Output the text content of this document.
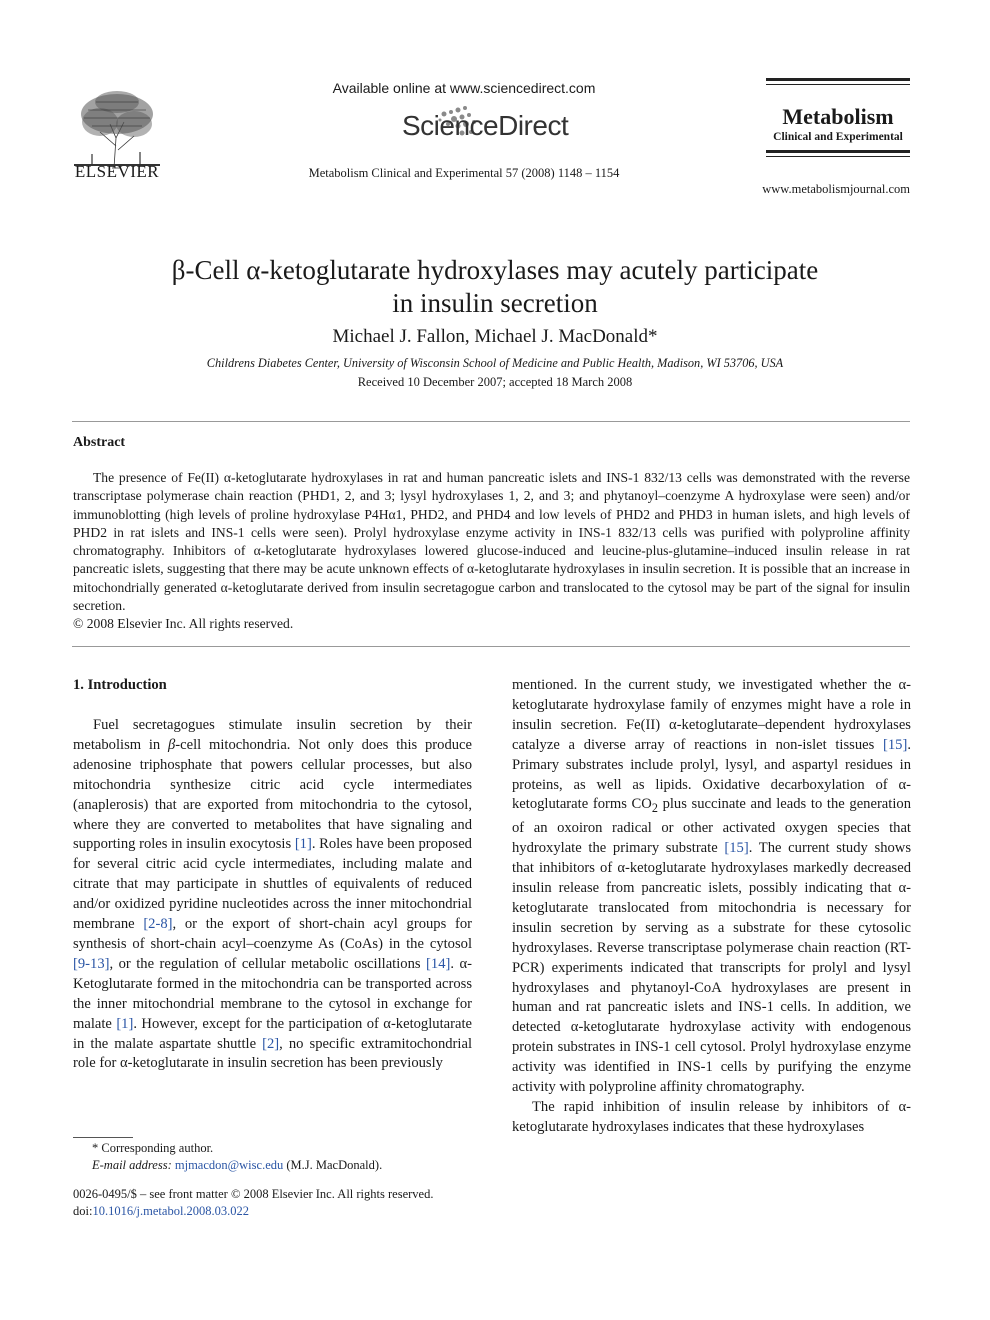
ELSEVIER
Available online at www.sciencedirect.com
ScienceDirect
Metabolism Clinical and Experimental 57 (2008) 1148 – 1154
Metabolism
Clinical and Experimental
www.metabolismjournal.com
β-Cell α-ketoglutarate hydroxylases may acutely participate
in insulin secretion
Michael J. Fallon, Michael J. MacDonald*
Childrens Diabetes Center, University of Wisconsin School of Medicine and Public Health, Madison, WI 53706, USA
Received 10 December 2007; accepted 18 March 2008
Abstract
The presence of Fe(II) α-ketoglutarate hydroxylases in rat and human pancreatic islets and INS-1 832/13 cells was demonstrated with the reverse transcriptase polymerase chain reaction (PHD1, 2, and 3; lysyl hydroxylases 1, 2, and 3; and phytanoyl–coenzyme A hydroxylase were seen) and/or immunoblotting (high levels of proline hydroxylase P4Hα1, PHD2, and PHD4 and low levels of PHD2 and PHD3 in human islets, and high levels of PHD2 in rat islets and INS-1 cells were seen). Prolyl hydroxylase enzyme activity in INS-1 832/13 cells was purified with polyproline affinity chromatography. Inhibitors of α-ketoglutarate hydroxylases lowered glucose-induced and leucine-plus-glutamine–induced insulin release in rat pancreatic islets, suggesting that there may be acute unknown effects of α-ketoglutarate hydroxylases in insulin secretion. It is possible that an increase in mitochondrially generated α-ketoglutarate derived from insulin secretagogue carbon and translocated to the cytosol may be part of the signal for insulin secretion.
© 2008 Elsevier Inc. All rights reserved.
1. Introduction

Fuel secretagogues stimulate insulin secretion by their metabolism in β-cell mitochondria. Not only does this produce adenosine triphosphate that powers cellular processes, but also mitochondria synthesize citric acid cycle intermediates (anaplerosis) that are exported from mitochondria to the cytosol, where they are converted to metabolites that have signaling and supporting roles in insulin exocytosis [1]. Roles have been proposed for several citric acid cycle intermediates, including malate and citrate that may participate in shuttles of equivalents of reduced and/or oxidized pyridine nucleotides across the inner mitochondrial membrane [2-8], or the export of short-chain acyl groups for synthesis of short-chain acyl–coenzyme As (CoAs) in the cytosol [9-13], or the regulation of cellular metabolic oscillations [14]. α-Ketoglutarate formed in the mitochondria can be transported across the inner mitochondrial membrane to the cytosol in exchange for malate [1]. However, except for the participation of α-ketoglutarate in the malate aspartate shuttle [2], no specific extramitochondrial role for α-ketoglutarate in insulin secretion has been previously

mentioned. In the current study, we investigated whether the α-ketoglutarate hydroxylase family of enzymes might have a role in insulin secretion. Fe(II) α-ketoglutarate–dependent hydroxylases catalyze a diverse array of reactions in non-islet tissues [15]. Primary substrates include prolyl, lysyl, and aspartyl residues in proteins, as well as lipids. Oxidative decarboxylation of α-ketoglutarate forms $CO_2$ plus succinate and leads to the generation of an oxoiron radical or other activated oxygen species that hydroxylate the primary substrate [15]. The current study shows that inhibitors of α-ketoglutarate hydroxylases markedly decreased insulin release from pancreatic islets, possibly indicating that α-ketoglutarate translocated from mitochondria is necessary for insulin secretion by serving as a substrate for these cytosolic hydroxylases. Reverse transcriptase polymerase chain reaction (RT-PCR) experiments indicated that transcripts for prolyl and lysyl hydroxylases and phytanoyl-CoA hydroxylases are present in human and rat pancreatic islets and INS-1 cells. In addition, we detected α-ketoglutarate hydroxylase activity with endogenous protein substrates in INS-1 cell cytosol. Prolyl hydroxylase enzyme activity was identified in INS-1 cells by purifying the enzyme activity with polyproline affinity chromatography.

The rapid inhibition of insulin release by inhibitors of α-ketoglutarate hydroxylases indicates that these hydroxylases

* Corresponding author.
E-mail address: mjmacdon@wisc.edu (M.J. MacDonald).
0026-0495/$ – see front matter © 2008 Elsevier Inc. All rights reserved.
doi:10.1016/j.metabol.2008.03.022
